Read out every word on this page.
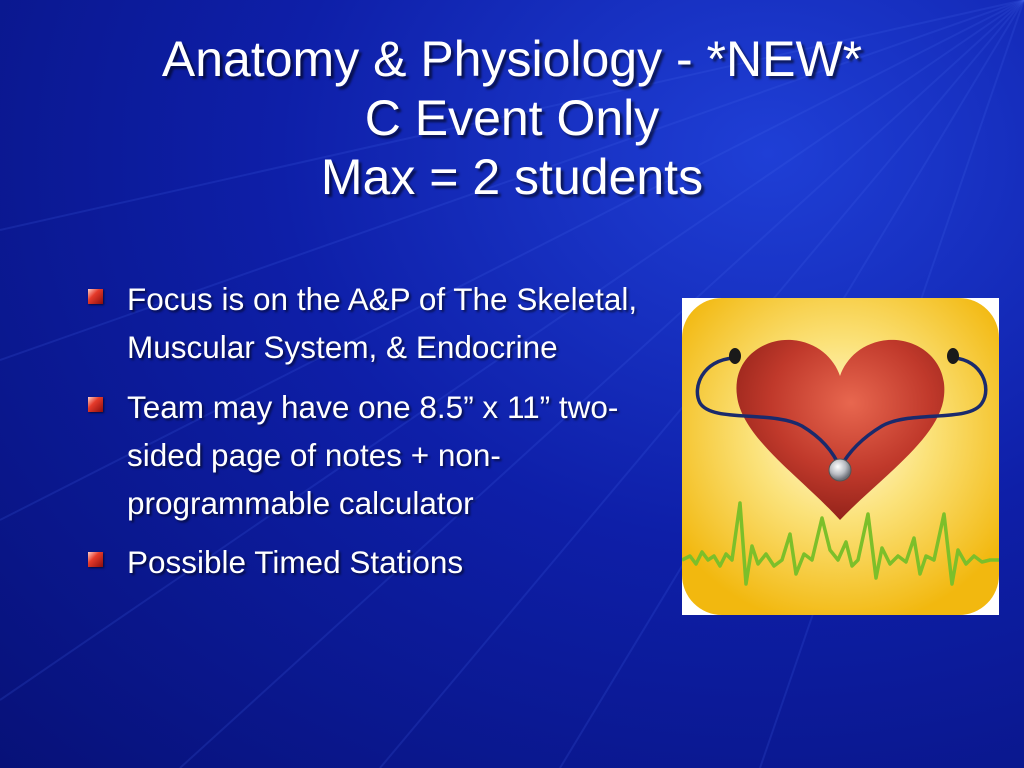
Anatomy & Physiology - *NEW*
C Event Only
Max = 2 students
Focus is on the A&P of The Skeletal, Muscular System, & Endocrine
Team may have one 8.5” x 11” two-sided page of notes + non-programmable calculator
Possible Timed Stations
